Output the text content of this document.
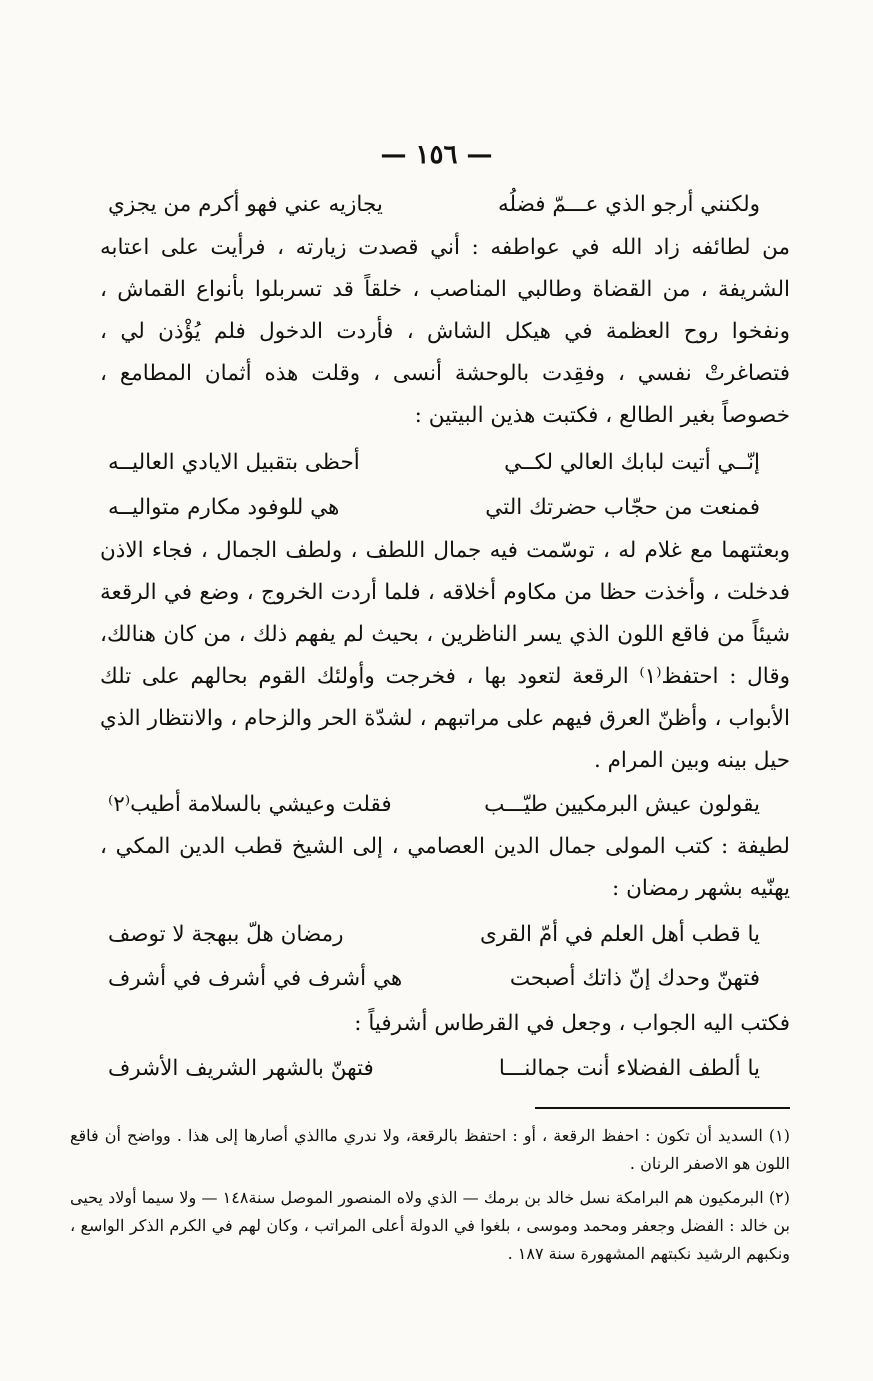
— ١٥٦ —
ولكنني أرجو الذي عـــمّ فضلُه
يجازيه عني فهو أكرم من يجزي
من لطائفه زاد الله في عواطفه : أني قصدت زيارته ، فرأيت على اعتابه الشريفة ، من القضاة وطالبي المناصب ، خلقاً قد تسربلوا بأنواع القماش ، ونفخوا روح العظمة في هيكل الشاش ، فأردت الدخول فلم يُؤْذن لي ، فتصاغرتْ نفسي ، وفقِدت بالوحشة أنسى ، وقلت هذه أثمان المطامع ، خصوصاً بغير الطالع ، فكتبت هذين البيتين :
إنّــي أتيت لبابك العالي لكــي
أحظى بتقبيل الايادي العاليــه
فمنعت من حجّاب حضرتك التي
هي للوفود مكارم متواليــه
وبعثتهما مع غلام له ، توسّمت فيه جمال اللطف ، ولطف الجمال ، فجاء الاذن فدخلت ، وأخذت حظا من مكاوم أخلاقه ، فلما أردت الخروج ، وضع في الرقعة شيئاً من فاقع اللون الذي يسر الناظرين ، بحيث لم يفهم ذلك ، من كان هنالك، وقال : احتفظ⁽١⁾ الرقعة لتعود بها ، فخرجت وأولئك القوم بحالهم على تلك الأبواب ، وأظنّ العرق فيهم على مراتبهم ، لشدّة الحر والزحام ، والانتظار الذي حيل بينه وبين المرام .
يقولون عيش البرمكيين طيّـــب
فقلت وعيشي بالسلامة أطيب⁽٢⁾
لطيفة : كتب المولى جمال الدين العصامي ، إلى الشيخ قطب الدين المكي ، يهنّيه بشهر رمضان :
يا قطب أهل العلم في أمّ القرى
رمضان هلّ ببهجة لا توصف
فتهنّ وحدك إنّ ذاتك أصبحت
هي أشرف في أشرف في أشرف
فكتب اليه الجواب ، وجعل في القرطاس أشرفياً :
يا ألطف الفضلاء أنت جمالنـــا
فتهنّ بالشهر الشريف الأشرف
(١) السديد أن تكون : احفظ الرقعة ، أو : احتفظ بالرقعة، ولا ندري ماالذي أصارها إلى هذا . وواضح أن فاقع اللون هو الاصفر الرنان .
(٢) البرمكيون هم البرامكة نسل خالد بن برمك — الذي ولاه المنصور الموصل سنة١٤٨ — ولا سيما أولاد يحيى بن خالد : الفضل وجعفر ومحمد وموسى ، بلغوا في الدولة أعلى المراتب ، وكان لهم في الكرم الذكر الواسع ، ونكبهم الرشيد نكبتهم المشهورة سنة ١٨٧ .
